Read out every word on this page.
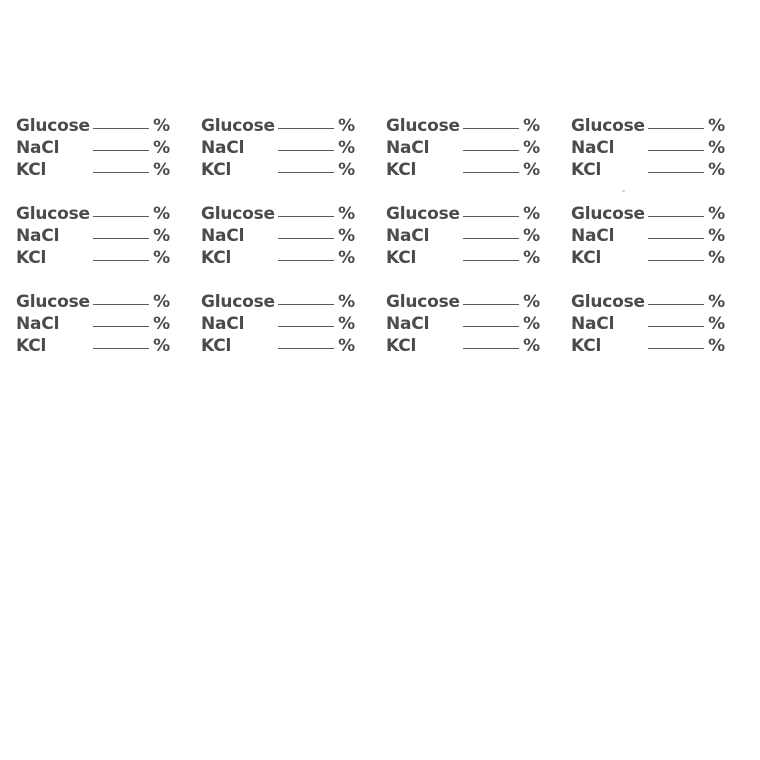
Glucose	%
NaCl	%
KCl	%
Glucose	%
NaCl	%
KCl	%
Glucose	%
NaCl	%
KCl	%
Glucose	%
NaCl	%
KCl	%
Glucose	%
NaCl	%
KCl	%
Glucose	%
NaCl	%
KCl	%
Glucose	%
NaCl	%
KCl	%
Glucose	%
NaCl	%
KCl	%
Glucose	%
NaCl	%
KCl	%
Glucose	%
NaCl	%
KCl	%
Glucose	%
NaCl	%
KCl	%
Glucose	%
NaCl	%
KCl	%
